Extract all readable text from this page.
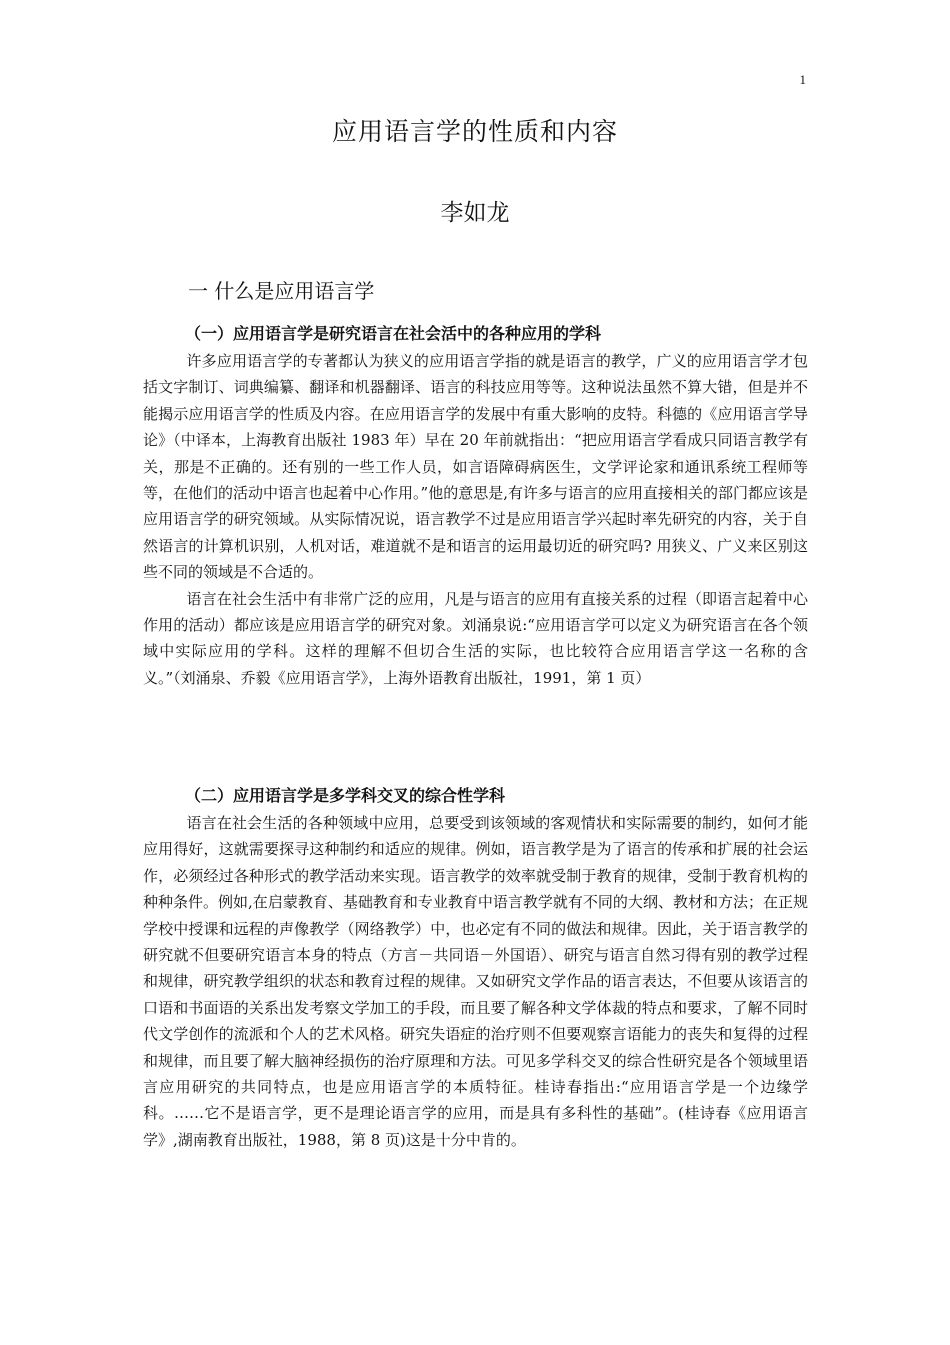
1
应用语言学的性质和内容
李如龙
一 什么是应用语言学
（一）应用语言学是研究语言在社会活中的各种应用的学科

许多应用语言学的专著都认为狭义的应用语言学指的就是语言的教学，广义的应用语言学才包括文字制订、词典编纂、翻译和机器翻译、语言的科技应用等等。这种说法虽然不算大错，但是并不能揭示应用语言学的性质及内容。在应用语言学的发展中有重大影响的皮特。科德的《应用语言学导论》（中译本，上海教育出版社 1983 年）早在 20 年前就指出：“把应用语言学看成只同语言教学有关，那是不正确的。还有别的一些工作人员，如言语障碍病医生，文学评论家和通讯系统工程师等等，在他们的活动中语言也起着中心作用。”他的意思是,有许多与语言的应用直接相关的部门都应该是应用语言学的研究领域。从实际情况说，语言教学不过是应用语言学兴起时率先研究的内容，关于自然语言的计算机识别，人机对话，难道就不是和语言的运用最切近的研究吗? 用狭义、广义来区别这些不同的领域是不合适的。

语言在社会生活中有非常广泛的应用，凡是与语言的应用有直接关系的过程（即语言起着中心作用的活动）都应该是应用语言学的研究对象。刘涌泉说:“应用语言学可以定义为研究语言在各个领域中实际应用的学科。这样的理解不但切合生活的实际，也比较符合应用语言学这一名称的含义。”（刘涌泉、乔毅《应用语言学》，上海外语教育出版社，1991，第 1 页）

（二）应用语言学是多学科交叉的综合性学科

语言在社会生活的各种领域中应用，总要受到该领域的客观情状和实际需要的制约，如何才能应用得好，这就需要探寻这种制约和适应的规律。例如，语言教学是为了语言的传承和扩展的社会运作，必须经过各种形式的教学活动来实现。语言教学的效率就受制于教育的规律，受制于教育机构的种种条件。例如,在启蒙教育、基础教育和专业教育中语言教学就有不同的大纲、教材和方法；在正规学校中授课和远程的声像教学（网络教学）中，也必定有不同的做法和规律。因此，关于语言教学的研究就不但要研究语言本身的特点（方言－共同语－外国语）、研究与语言自然习得有别的教学过程和规律，研究教学组织的状态和教育过程的规律。又如研究文学作品的语言表达，不但要从该语言的口语和书面语的关系出发考察文学加工的手段，而且要了解各种文学体裁的特点和要求，了解不同时代文学创作的流派和个人的艺术风格。研究失语症的治疗则不但要观察言语能力的丧失和复得的过程和规律，而且要了解大脑神经损伤的治疗原理和方法。可见多学科交叉的综合性研究是各个领域里语言应用研究的共同特点，也是应用语言学的本质特征。桂诗春指出:“应用语言学是一个边缘学科。……它不是语言学，更不是理论语言学的应用，而是具有多科性的基础”。(桂诗春《应用语言学》,湖南教育出版社，1988，第 8 页)这是十分中肯的。
